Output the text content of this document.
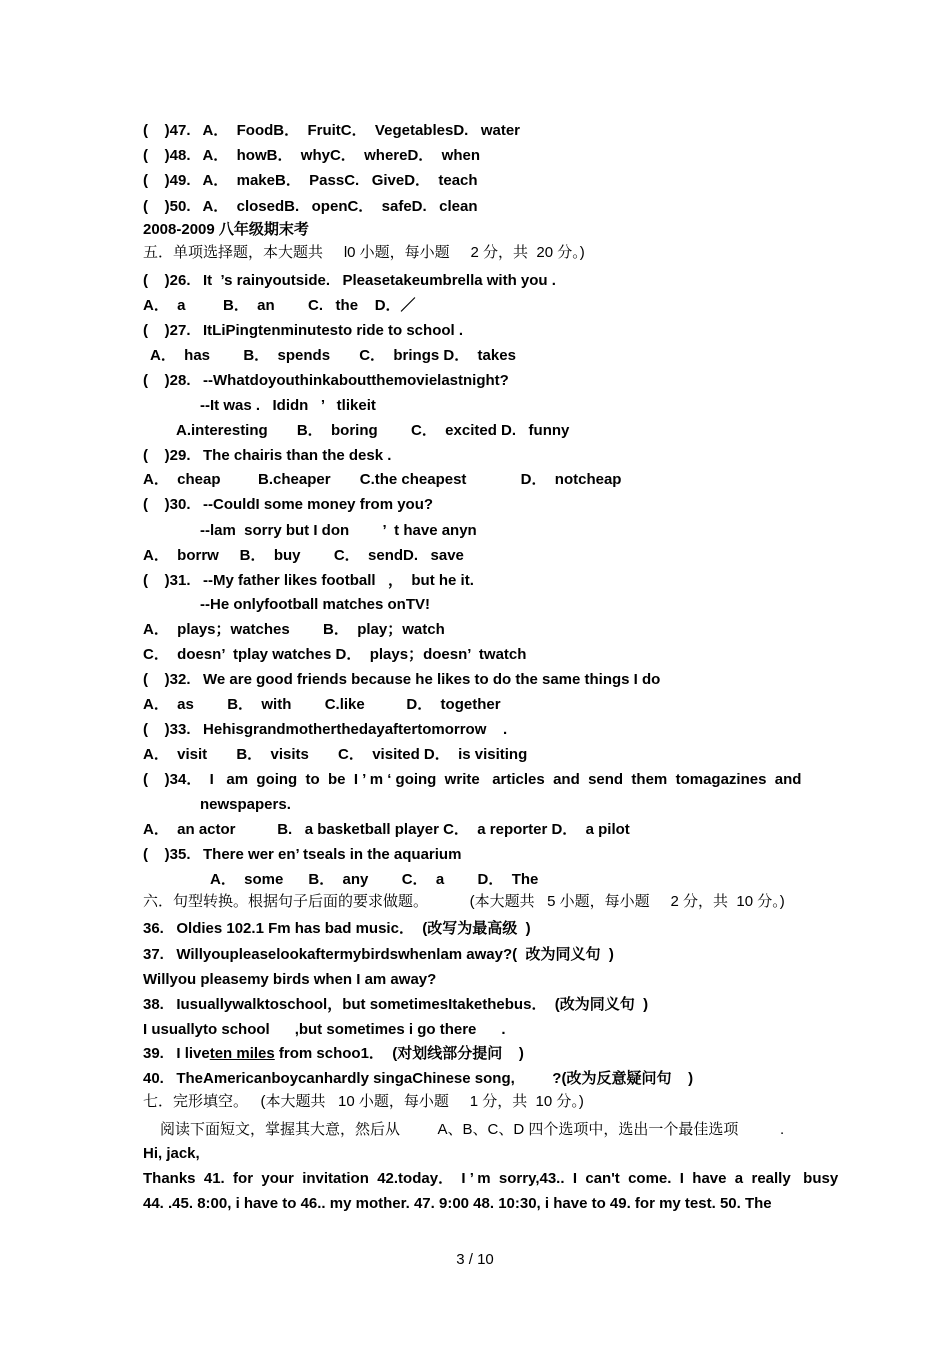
(    )47.   A．  FoodB．  FruitC．  VegetablesD.   water
(    )48.   A．  howB．  whyC．  whereD．  when
(    )49.   A．  makeB．  PassC.   GiveD．  teach
(    )50.   A．  closedB.   openC．  safeD.   clean
2008-2009 八年级期末考
五．单项选择题，本大题共     l0 小题，每小题     2 分，共  20 分。)
(    )26.   It  ’s rainyoutside.   Pleasetakeumbrella with you .
A．  a         B．  an        C.   the    D．／
(    )27.   ItLiPingtenminutesto ride to school .
A．  has        B．  spends       C．  brings D．  takes
(    )28.   --Whatdoyouthinkaboutthemovielastnight?
--It was .   Ididn   ’   tlikeit
A.interesting       B．  boring        C．  excited D.   funny
(    )29.   The chairis than the desk .
A．  cheap         B.cheaper       C.the cheapest             D．  notcheap
(    )30.   --CouldI some money from you?
--lam  sorry but I don        ’  t have anyn
A．  borrw     B．  buy        C．  sendD.   save
(    )31.   --My father likes football   ，  but he it.
--He onlyfootball matches onTV!
A．  plays；watches        B．  play；watch
C．  doesn’  tplay watches D．  plays；doesn’  twatch
(    )32.   We are good friends because he likes to do the same things I do
A．  as        B．  with        C.like          D．  together
(    )33.   Hehisgrandmotherthedayaftertomorrow    .
A．  visit       B．  visits       C．  visited D．  is visiting
(    )34．  I   am  going  to  be  I ’ m ‘ going  write   articles  and  send  them  tomagazines  and
newspapers.
A．  an actor          B.   a basketball player C．  a reporter D．  a pilot
(    )35.   There wer en’ tseals in the aquarium
A．  some      B．  any        C．  a        D．  The
六．句型转换。根据句子后面的要求做题。          (本大题共   5 小题，每小题     2 分，共  10 分。)
36.   Oldies 102.1 Fm has bad music．  (改写为最高级  )
37.   Willyoupleaselookaftermybirdswhenlam away?(  改为同义句  )
Willyou pleasemy birds when I am away?
38.   Iusuallywalktoschool，but sometimesItakethebus．  (改为同义句  )
I usuallyto school      ,but sometimes i go there      .
39.   I liveten miles from schoo1．  (对划线部分提问    )
40.   TheAmericanboycanhardly singaChinese song,         ?(改为反意疑问句    )
七．完形填空。   (本大题共   10 小题，每小题     1 分，共  10 分。)
阅读下面短文，掌握其大意，然后从         A、B、C、D 四个选项中，选出一个最佳选项          .
Hi, jack,
Thanks  41.  for  your  invitation  42.today．  I ’ m  sorry,43..  I  can't  come.  I  have  a  really   busy
44. .45. 8:00, i have to 46.. my mother. 47. 9:00 48. 10:30, i have to 49. for my test. 50. The
3 / 10
